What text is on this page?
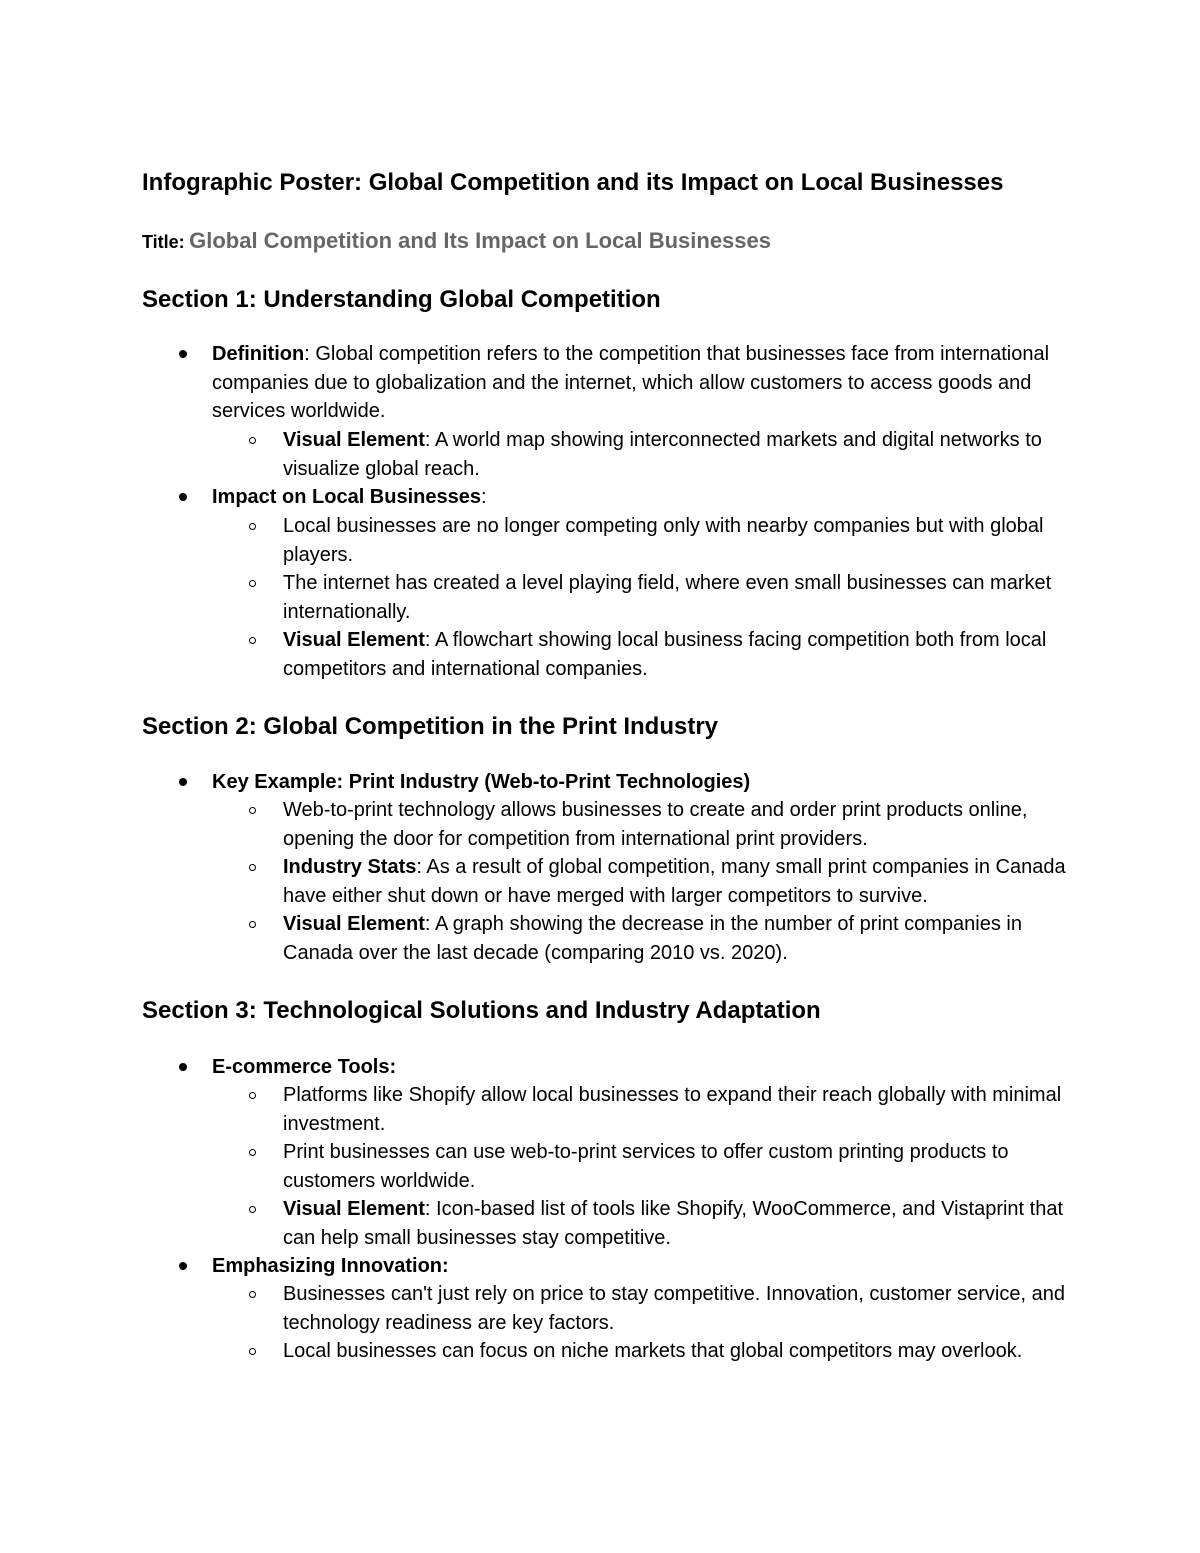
Infographic Poster: Global Competition and its Impact on Local Businesses
Title: Global Competition and Its Impact on Local Businesses
Section 1: Understanding Global Competition
Definition: Global competition refers to the competition that businesses face from international companies due to globalization and the internet, which allow customers to access goods and services worldwide.
Visual Element: A world map showing interconnected markets and digital networks to visualize global reach.
Impact on Local Businesses:
Local businesses are no longer competing only with nearby companies but with global players.
The internet has created a level playing field, where even small businesses can market internationally.
Visual Element: A flowchart showing local business facing competition both from local competitors and international companies.
Section 2: Global Competition in the Print Industry
Key Example: Print Industry (Web-to-Print Technologies)
Web-to-print technology allows businesses to create and order print products online, opening the door for competition from international print providers.
Industry Stats: As a result of global competition, many small print companies in Canada have either shut down or have merged with larger competitors to survive.
Visual Element: A graph showing the decrease in the number of print companies in Canada over the last decade (comparing 2010 vs. 2020).
Section 3: Technological Solutions and Industry Adaptation
E-commerce Tools:
Platforms like Shopify allow local businesses to expand their reach globally with minimal investment.
Print businesses can use web-to-print services to offer custom printing products to customers worldwide.
Visual Element: Icon-based list of tools like Shopify, WooCommerce, and Vistaprint that can help small businesses stay competitive.
Emphasizing Innovation:
Businesses can't just rely on price to stay competitive. Innovation, customer service, and technology readiness are key factors.
Local businesses can focus on niche markets that global competitors may overlook.
